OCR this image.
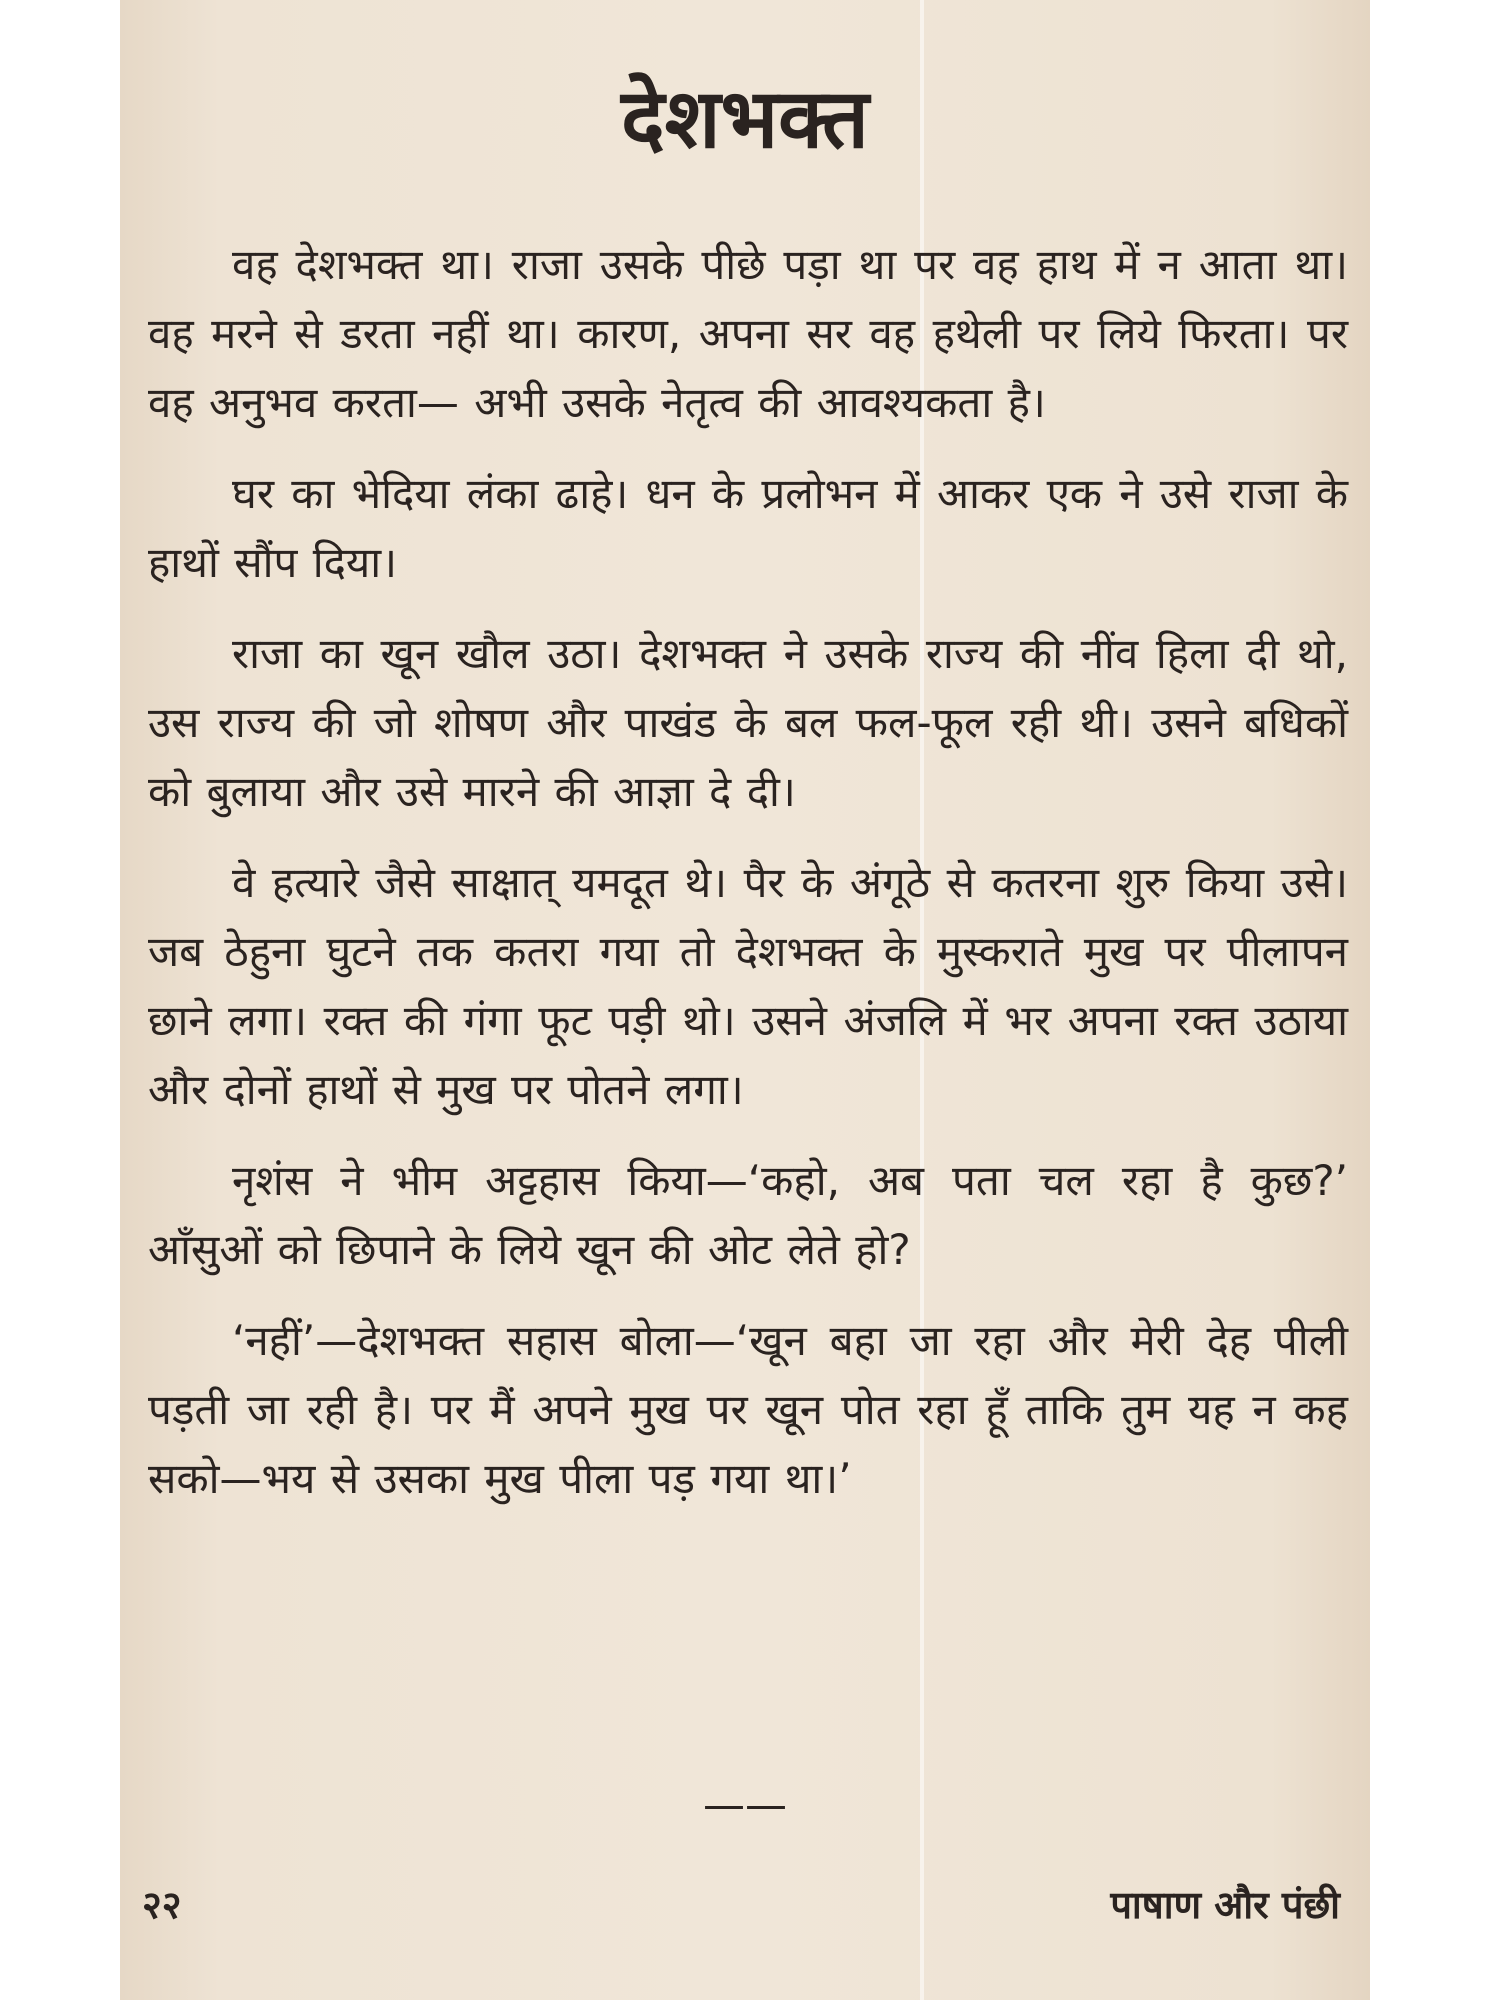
देशभक्त

वह देशभक्त था। राजा उसके पीछे पड़ा था पर वह हाथ में न आता था। वह मरने से डरता नहीं था। कारण, अपना सर वह हथेली पर लिये फिरता। पर वह अनुभव करता— अभी उसके नेतृत्व की आवश्यकता है।

घर का भेदिया लंका ढाहे। धन के प्रलोभन में आकर एक ने उसे राजा के हाथों सौंप दिया।

राजा का खून खौल उठा। देशभक्त ने उसके राज्य की नींव हिला दी थो, उस राज्य की जो शोषण और पाखंड के बल फल-फूल रही थी। उसने बधिकों को बुलाया और उसे मारने की आज्ञा दे दी।

वे हत्यारे जैसे साक्षात् यमदूत थे। पैर के अंगूठे से कतरना शुरु किया उसे। जब ठेहुना घुटने तक कतरा गया तो देशभक्त के मुस्कराते मुख पर पीलापन छाने लगा। रक्त की गंगा फूट पड़ी थो। उसने अंजलि में भर अपना रक्त उठाया और दोनों हाथों से मुख पर पोतने लगा।

नृशंस ने भीम अट्टहास किया—‘कहो, अब पता चल रहा है कुछ?’ आँसुओं को छिपाने के लिये खून की ओट लेते हो?

‘नहीं’—देशभक्त सहास बोला—‘खून बहा जा रहा और मेरी देह पीली पड़ती जा रही है। पर मैं अपने मुख पर खून पोत रहा हूँ ताकि तुम यह न कह सको—भय से उसका मुख पीला पड़ गया था।’

——
२२	पाषाण और पंछी
